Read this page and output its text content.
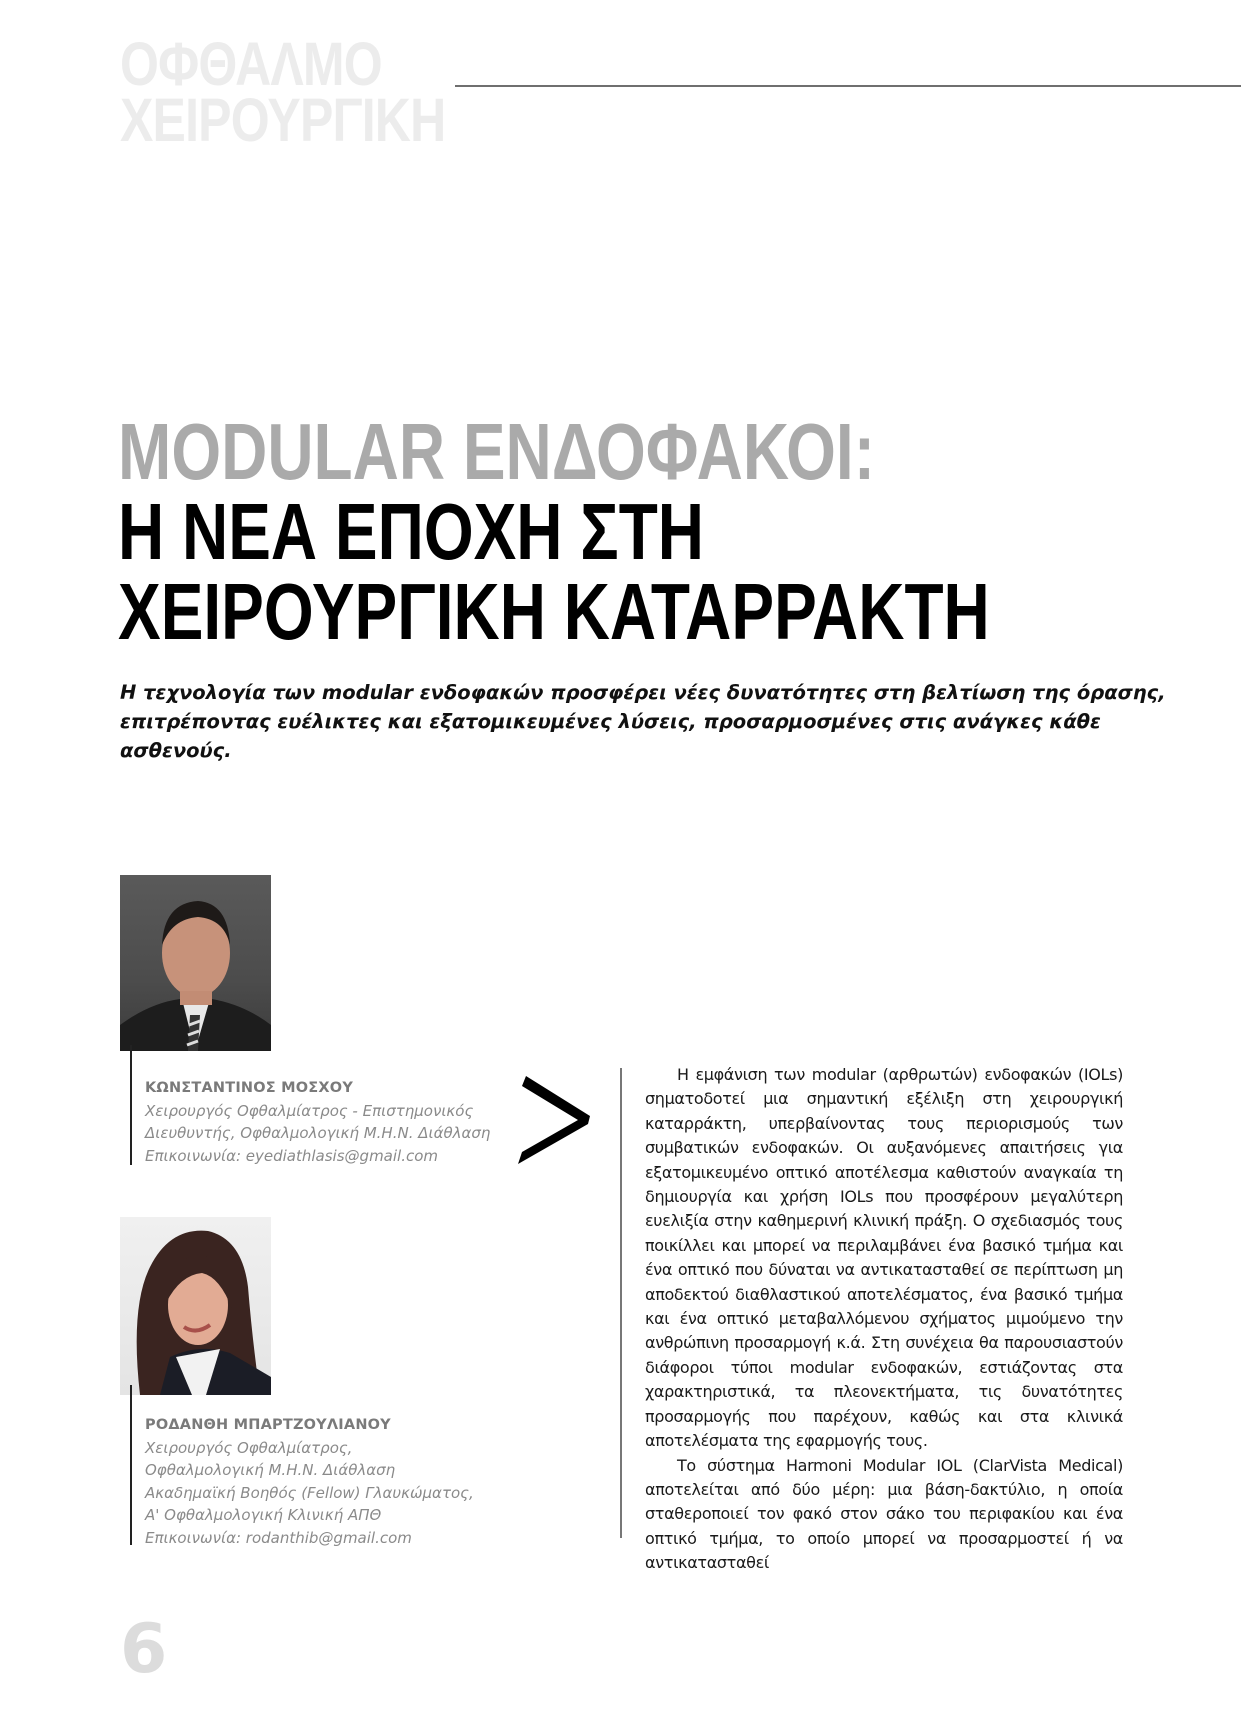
ΟΦΘΑΛΜΟ
ΧΕΙΡΟΥΡΓΙΚΗ
MODULAR ΕΝΔΟΦΑΚΟΙ:
Η ΝΕΑ ΕΠΟΧΗ ΣΤΗ
ΧΕΙΡΟΥΡΓΙΚΗ ΚΑΤΑΡΡΑΚΤΗ
Η τεχνολογία των modular ενδοφακών προσφέρει νέες δυνατότητες στη βελτίωση της όρασης, επιτρέποντας ευέλικτες και εξατομικευμένες λύσεις, προσαρμοσμένες στις ανάγκες κάθε ασθενούς.
ΚΩΝΣΤΑΝΤΙΝΟΣ ΜΟΣΧΟΥ
Χειρουργός Οφθαλμίατρος - Επιστημονικός
Διευθυντής, Οφθαλμολογική Μ.Η.Ν. Διάθλαση
Επικοινωνία: eyediathlasis@gmail.com
ΡΟΔΑΝΘΗ ΜΠΑΡΤΖΟΥΛΙΑΝΟΥ
Χειρουργός Οφθαλμίατρος,
Οφθαλμολογική Μ.Η.Ν. Διάθλαση
Ακαδημαϊκή Βοηθός (Fellow) Γλαυκώματος,
Α' Οφθαλμολογική Κλινική ΑΠΘ
Επικοινωνία: rodanthib@gmail.com

Η εμφάνιση των modular (αρθρωτών) ενδοφακών (IOLs) σηματοδοτεί μια σημαντική εξέλιξη στη χειρουργική καταρράκτη, υπερβαίνοντας τους περιορισμούς των συμβατικών ενδοφακών. Οι αυξανόμενες απαιτήσεις για εξατομικευμένο οπτικό αποτέλεσμα καθιστούν αναγκαία τη δημιουργία και χρήση IOLs που προσφέρουν μεγαλύτερη ευελιξία στην καθημερινή κλινική πράξη. Ο σχεδιασμός τους ποικίλλει και μπορεί να περιλαμβάνει ένα βασικό τμήμα και ένα οπτικό που δύναται να αντικατασταθεί σε περίπτωση μη αποδεκτού διαθλαστικού αποτελέσματος, ένα βασικό τμήμα και ένα οπτικό μεταβαλλόμενου σχήματος μιμούμενο την ανθρώπινη προσαρμογή κ.ά. Στη συνέχεια θα παρουσιαστούν διάφοροι τύποι modular ενδοφακών, εστιάζοντας στα χαρακτηριστικά, τα πλεονεκτήματα, τις δυνατότητες προσαρμογής που παρέχουν, καθώς και στα κλινικά αποτελέσματα της εφαρμογής τους.

Το σύστημα Harmoni Modular IOL (ClarVista Medical) αποτελείται από δύο μέρη: μια βάση-δακτύλιο, η οποία σταθεροποιεί τον φακό στον σάκο του περιφακίου και ένα οπτικό τμήμα, το οποίο μπορεί να προσαρμοστεί ή να αντικατασταθεί

6
